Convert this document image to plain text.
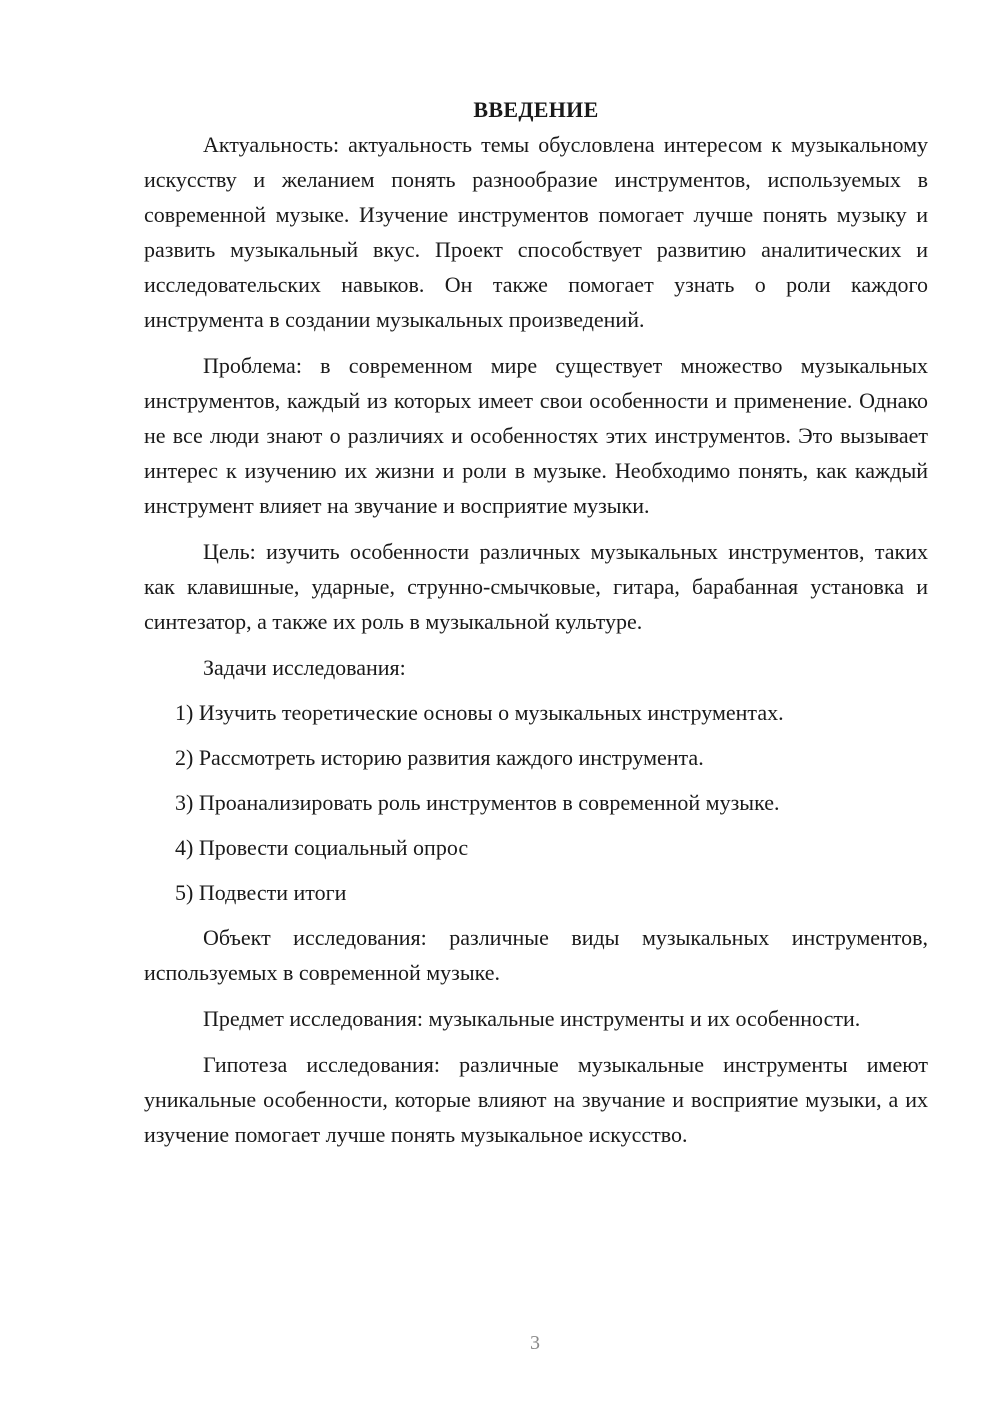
ВВЕДЕНИЕ

Актуальность: актуальность темы обусловлена интересом к музыкальному искусству и желанием понять разнообразие инструментов, используемых в современной музыке. Изучение инструментов помогает лучше понять музыку и развить музыкальный вкус. Проект способствует развитию аналитических и исследовательских навыков. Он также помогает узнать о роли каждого инструмента в создании музыкальных произведений.

Проблема: в современном мире существует множество музыкальных инструментов, каждый из которых имеет свои особенности и применение. Однако не все люди знают о различиях и особенностях этих инструментов. Это вызывает интерес к изучению их жизни и роли в музыке. Необходимо понять, как каждый инструмент влияет на звучание и восприятие музыки.

Цель: изучить особенности различных музыкальных инструментов, таких как клавишные, ударные, струнно-смычковые, гитара, барабанная установка и синтезатор, а также их роль в музыкальной культуре.

Задачи исследования:

1) Изучить теоретические основы о музыкальных инструментах.
2) Рассмотреть историю развития каждого инструмента.
3) Проанализировать роль инструментов в современной музыке.
4) Провести социальный опрос
5) Подвести итоги

Объект исследования: различные виды музыкальных инструментов, используемых в современной музыке.

Предмет исследования: музыкальные инструменты и их особенности.

Гипотеза исследования: различные музыкальные инструменты имеют уникальные особенности, которые влияют на звучание и восприятие музыки, а их изучение помогает лучше понять музыкальное искусство.

3
